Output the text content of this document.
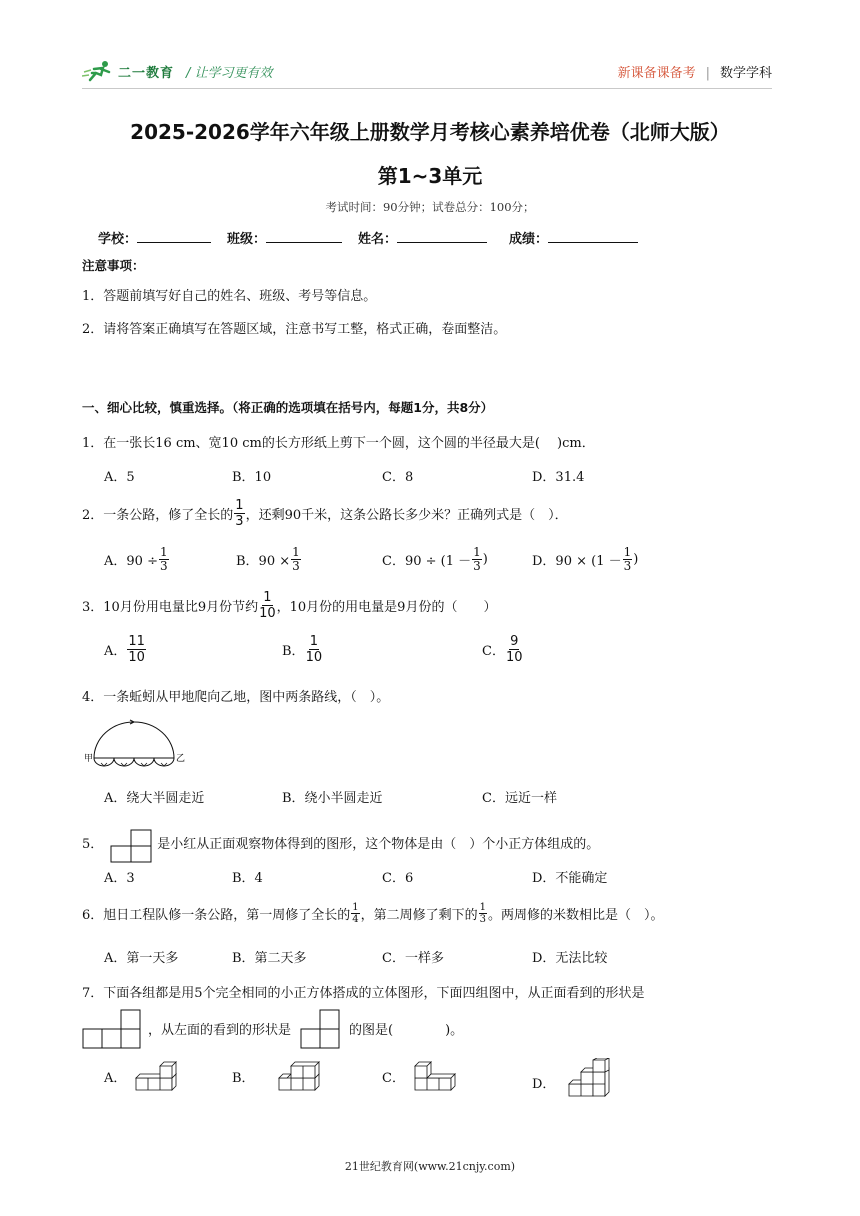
二一教育 / 让学习更有效	新课备课备考 | 数学学科
2025-2026学年六年级上册数学月考核心素养培优卷（北师大版）
第1~3单元
考试时间：90分钟；试卷总分：100分；
学校：	班级：	姓名：	成绩：
注意事项：
1．答题前填写好自己的姓名、班级、考号等信息。
2．请将答案正确填写在答题区域，注意书写工整，格式正确，卷面整洁。
一、细心比较，慎重选择。（将正确的选项填在括号内，每题1分，共8分）
1．在一张长16 cm、宽10 cm的长方形纸上剪下一个圆，这个圆的半径最大是(　 )cm．
A．5	B．10	C．8	D．31.4
2．一条公路，修了全长的 $\frac{1}{3}$ ，还剩90千米，这条公路长多少米？正确列式是（　）．
A．$90 \div \frac{1}{3}$	B．$90 \times \frac{1}{3}$	C．$90 \div (1 - \frac{1}{3}$ )	D．$90 \times (1 - \frac{1}{3}$ )
3．10月份用电量比9月份节约 $\frac{1}{10}$ ，10月份的用电量是9月份的（　　）
A． $\frac{11}{10}$	B． $\frac{1}{10}$	C． $\frac{9}{10}$
4．一条蚯蚓从甲地爬向乙地，图中两条路线，（　）。
甲	乙
A．绕大半圆走近	B．绕小半圆走近	C．远近一样
5．	是小红从正面观察物体得到的图形，这个物体是由（　）个小正方体组成的。
A．3	B．4	C．6	D．不能确定
6．旭日工程队修一条公路，第一周修了全长的 $\frac{1}{4}$ ，第二周修了剩下的 $\frac{1}{3}$ 。两周修的米数相比是（　）。
A．第一天多	B．第二天多	C．一样多	D．无法比较
7．下面各组都是用5个完全相同的小正方体搭成的立体图形，下面四组图中，从正面看到的形状是
，从左面的看到的形状是	的图是(　　　　)。
A．	B．	C．	D．
21世纪教育网(www.21cnjy.com)
